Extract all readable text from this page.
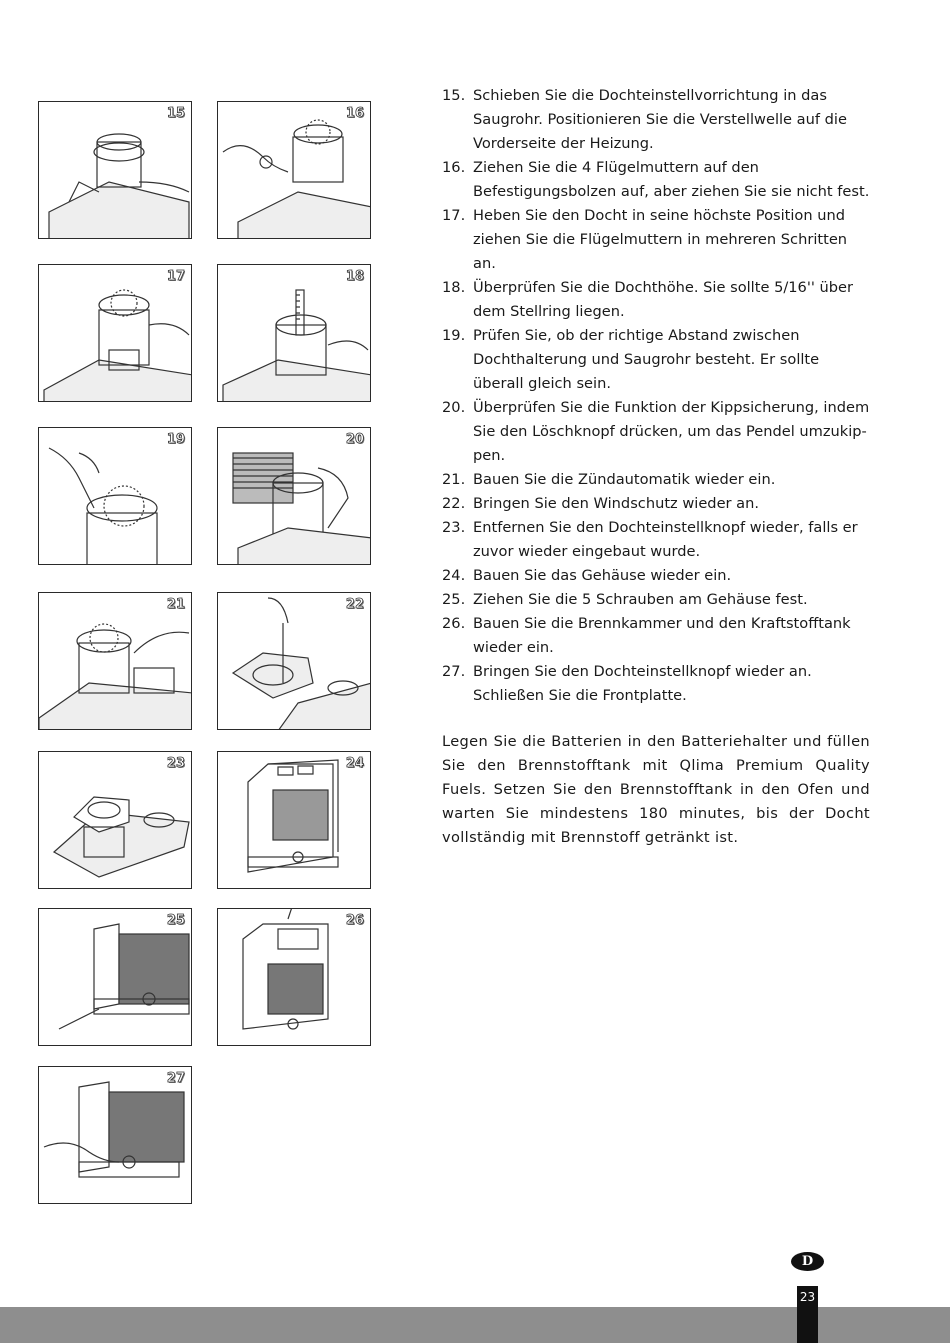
15	16
17	18
19	20
21	22
23	24
25	26
27

15. Schieben Sie die Dochteinstellvorrichtung in das Saugrohr. Positionieren Sie die Verstellwelle auf die Vorderseite der Heizung.

16. Ziehen Sie die 4 Flügelmuttern auf den Befestigungsbolzen auf, aber ziehen Sie sie nicht fest.

17. Heben Sie den Docht in seine höchste Position und ziehen Sie die Flügelmuttern in mehreren Schritten an.

18. Überprüfen Sie die Dochthöhe. Sie sollte 5/16'' über dem Stellring liegen.

19. Prüfen Sie, ob der richtige Abstand zwischen Dochthalterung und Saugrohr besteht. Er sollte überall gleich sein.

20. Überprüfen Sie die Funktion der Kippsicherung, indem Sie den Löschknopf drücken, um das Pendel umzukip-pen.

21. Bauen Sie die Zündautomatik wieder ein.

22. Bringen Sie den Windschutz wieder an.

23. Entfernen Sie den Dochteinstellknopf wieder, falls er zuvor wieder eingebaut wurde.

24. Bauen Sie das Gehäuse wieder ein.

25. Ziehen Sie die 5 Schrauben am Gehäuse fest.

26. Bauen Sie die Brennkammer und den Kraftstofftank wieder ein.

27. Bringen Sie den Dochteinstellknopf wieder an. Schließen Sie die Frontplatte.

Legen Sie die Batterien in den Batteriehalter und füllen Sie den Brennstofftank mit Qlima Premium Quality Fuels. Setzen Sie den Brennstofftank in den Ofen und warten Sie mindestens 180 minutes, bis der Docht vollständig mit Brennstoff getränkt ist.

D
23
